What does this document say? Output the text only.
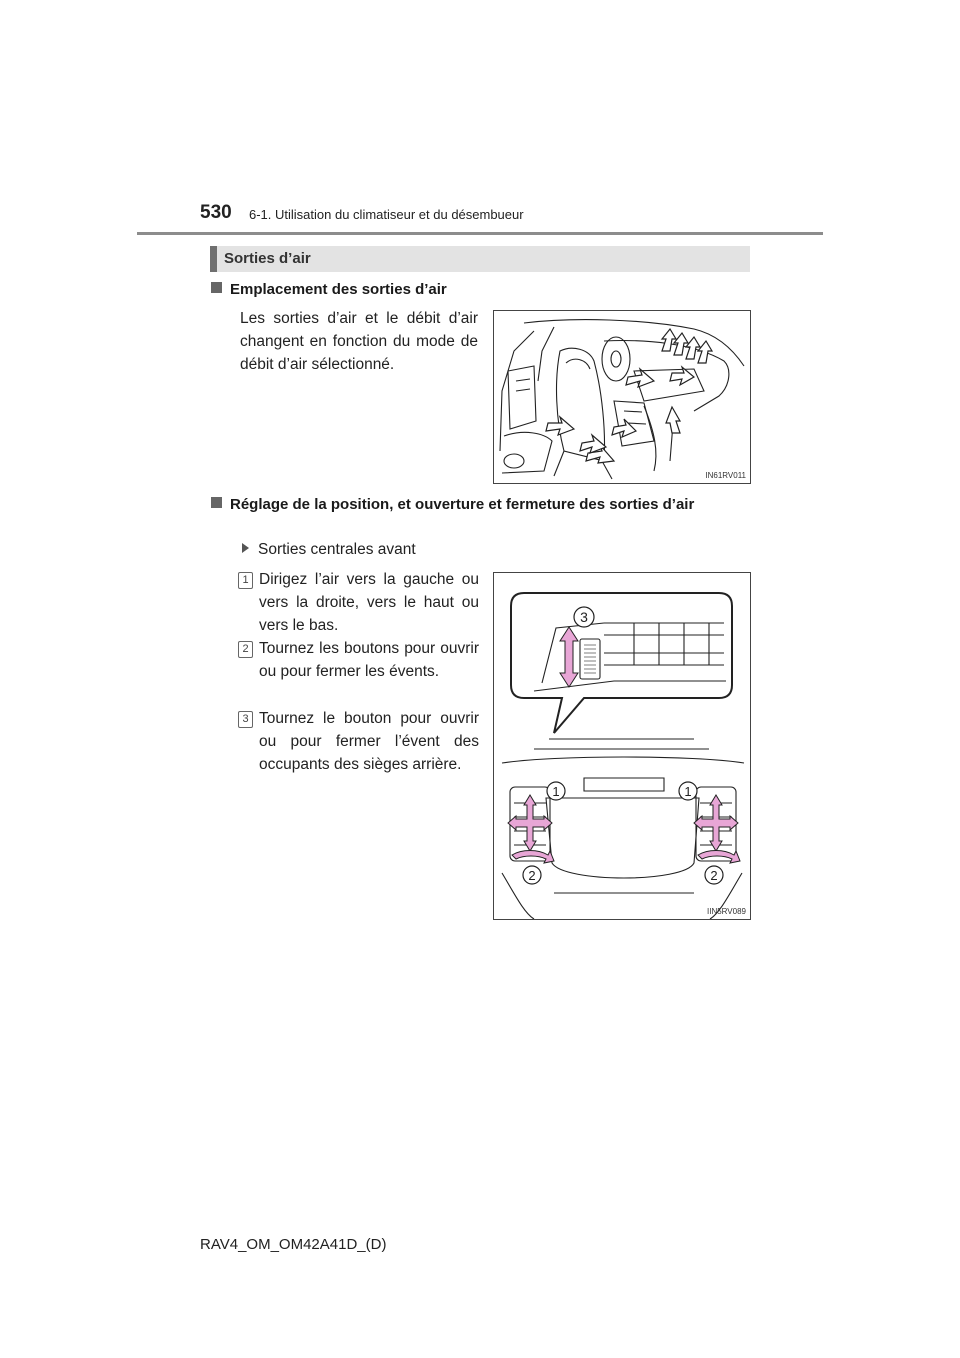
530 6-1. Utilisation du climatiseur et du désembueur
Sorties d’air
Emplacement des sorties d’air
Les sorties d’air et le débit d’air changent en fonction du mode de débit d’air sélectionné.
IN61RV011
Réglage de la position, et ouverture et fermeture des sorties d’air
Sorties centrales avant
1 Dirigez l’air vers la gauche ou vers la droite, vers le haut ou vers le bas.
2 Tournez les boutons pour ouvrir ou pour fermer les évents.
3 Tournez le bouton pour ouvrir ou pour fermer l’évent des occupants des sièges arrière.
3
1	1
2	2
IIN5RV089
RAV4_OM_OM42A41D_(D)
